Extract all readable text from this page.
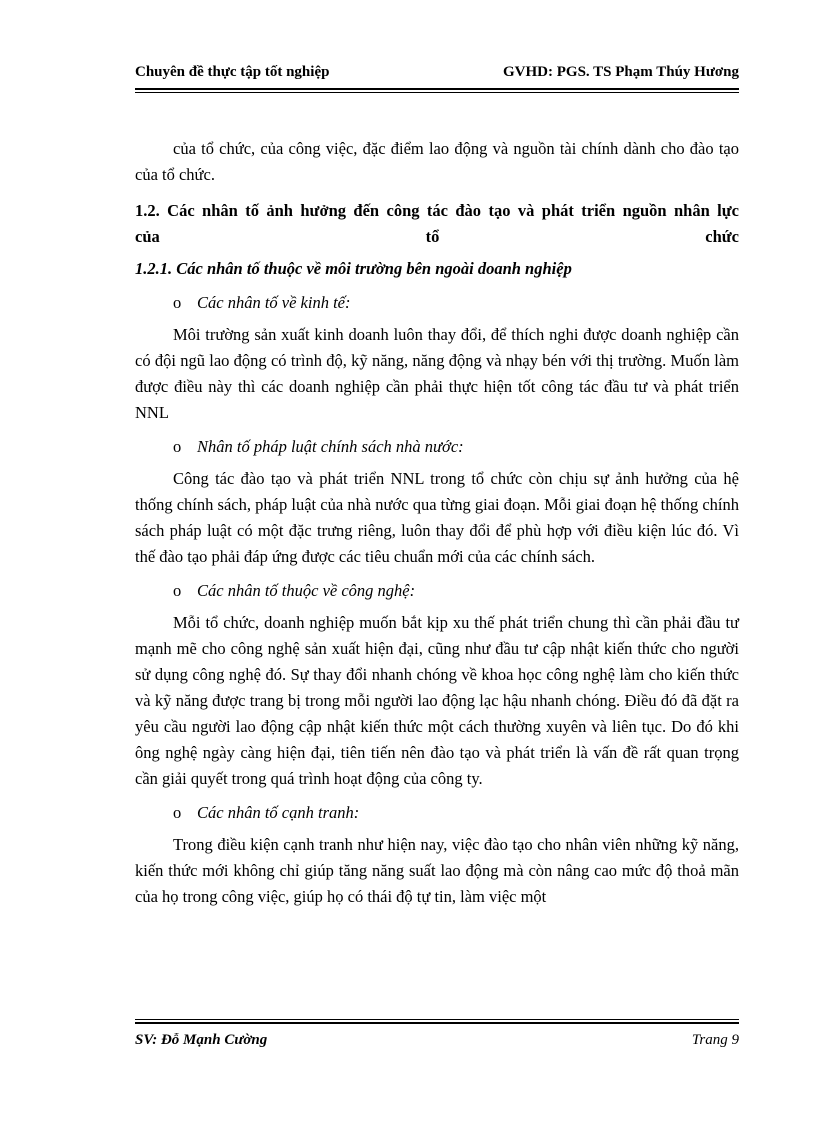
Chuyên đề thực tập tốt nghiệp	GVHD: PGS. TS Phạm Thúy Hương

của tổ chức, của công việc, đặc điểm lao động và nguồn tài chính dành cho đào tạo của tổ chức.

1.2. Các nhân tố ảnh hưởng đến công tác đào tạo và phát triển nguồn nhân lực
của	tổ	chức

1.2.1. Các nhân tố thuộc về môi trường bên ngoài doanh nghiệp

o Các nhân tố về kinh tế:

Môi trường sản xuất kinh doanh luôn thay đổi, để thích nghi được doanh nghiệp cần có đội ngũ lao động có trình độ, kỹ năng, năng động và nhạy bén với thị trường. Muốn làm được điều này thì các doanh nghiệp cần phải thực hiện tốt công tác đầu tư và phát triển NNL

o Nhân tố pháp luật chính sách nhà nước:

Công tác đào tạo và phát triển NNL trong tổ chức còn chịu sự ảnh hưởng của hệ thống chính sách, pháp luật của nhà nước qua từng giai đoạn. Mỗi giai đoạn hệ thống chính sách pháp luật có một đặc trưng riêng, luôn thay đổi để phù hợp với điều kiện lúc đó. Vì thế đào tạo phải đáp ứng được các tiêu chuẩn mới của các chính sách.

o Các nhân tố thuộc về công nghệ:

Mỗi tổ chức, doanh nghiệp muốn bắt kịp xu thế phát triển chung thì cần phải đầu tư mạnh mẽ cho công nghệ sản xuất hiện đại, cũng như đầu tư cập nhật kiến thức cho người sử dụng công nghệ đó. Sự thay đổi nhanh chóng về khoa học công nghệ làm cho kiến thức và kỹ năng được trang bị trong mỗi người lao động lạc hậu nhanh chóng. Điều đó đã đặt ra yêu cầu người lao động cập nhật kiến thức một cách thường xuyên và liên tục. Do đó khi ông nghệ ngày càng hiện đại, tiên tiến nên đào tạo và phát triển là vấn đề rất quan trọng cần giải quyết trong quá trình hoạt động của công ty.

o Các nhân tố cạnh tranh:

Trong điều kiện cạnh tranh như hiện nay, việc đào tạo cho nhân viên những kỹ năng, kiến thức mới không chỉ giúp tăng năng suất lao động mà còn nâng cao mức độ thoả mãn của họ trong công việc, giúp họ có thái độ tự tin, làm việc một

SV: Đỗ Mạnh Cường	Trang 9
